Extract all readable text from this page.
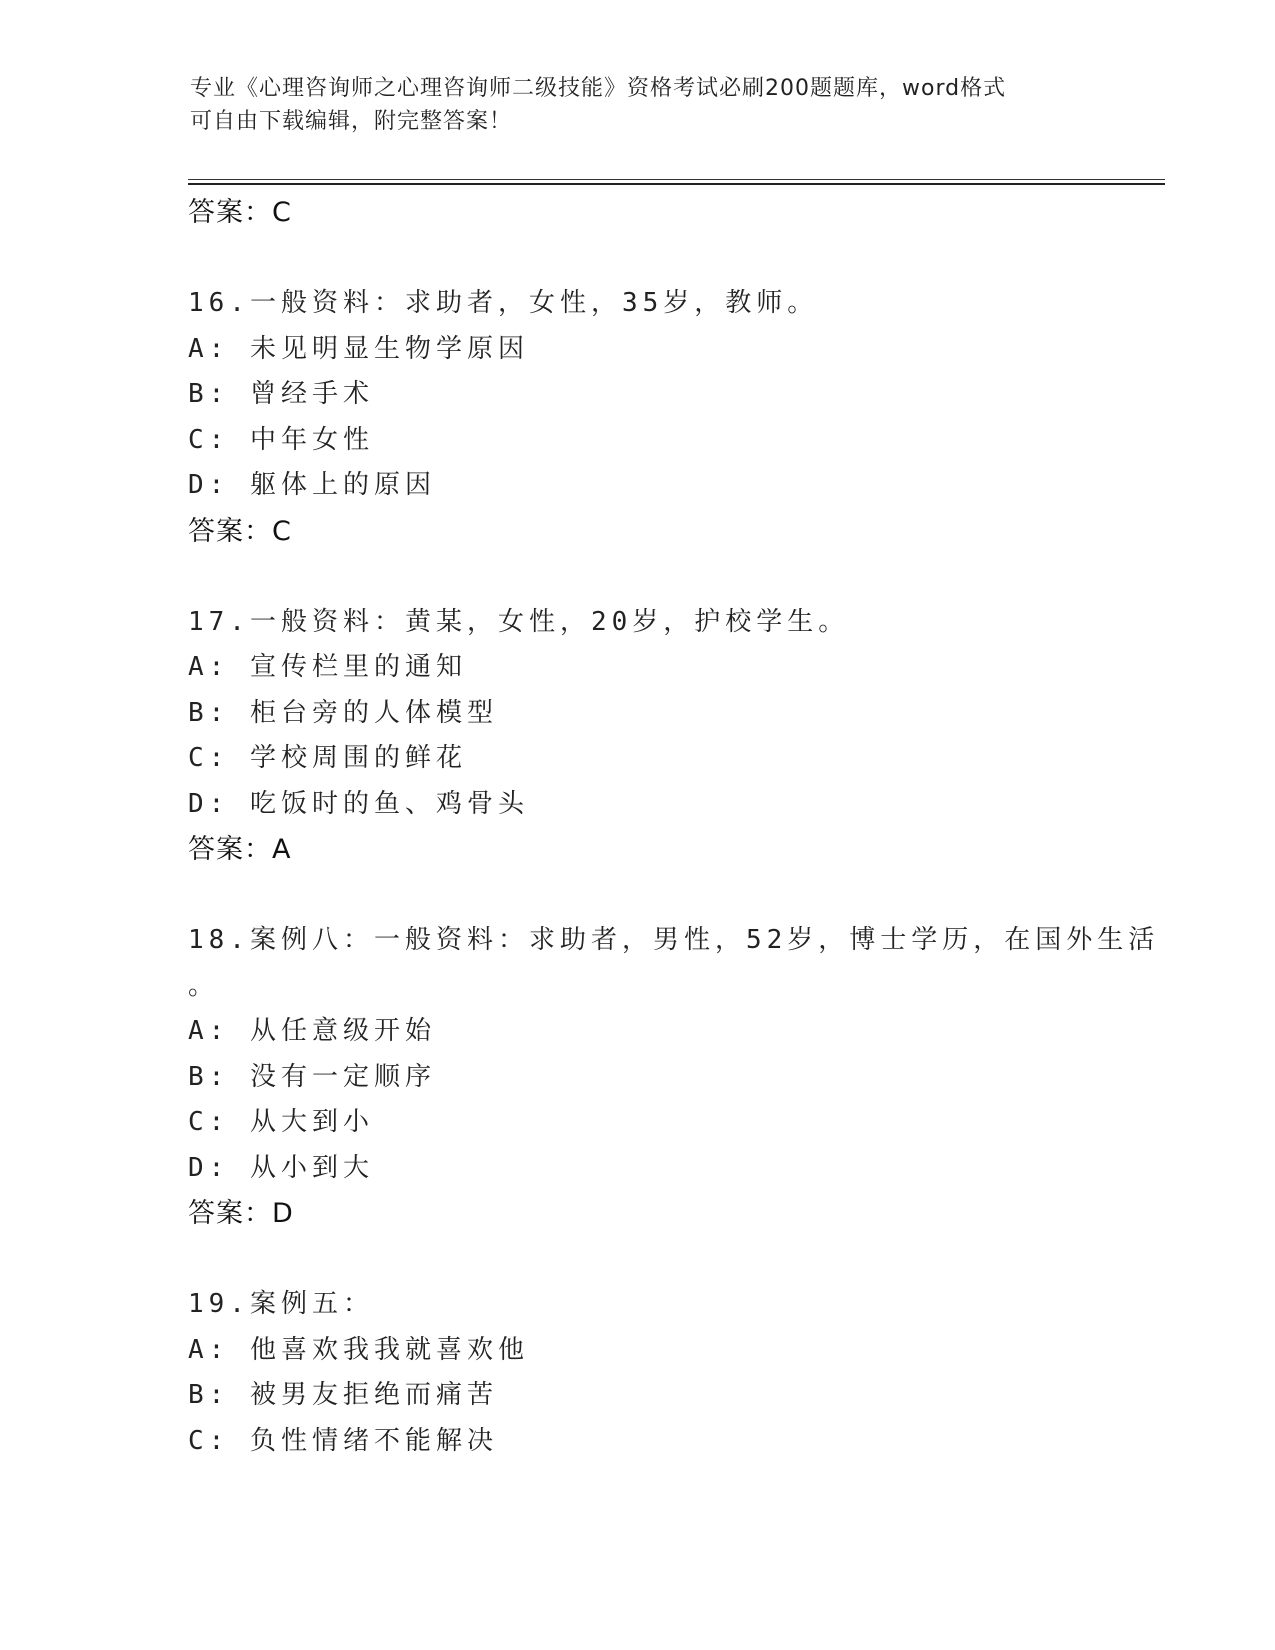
专业《心理咨询师之心理咨询师二级技能》资格考试必刷200题题库，word格式
可自由下载编辑，附完整答案！
答案：C
16.一般资料：求助者，女性，35岁，教师。
A: 未见明显生物学原因
B: 曾经手术
C: 中年女性
D: 躯体上的原因
答案：C
17.一般资料：黄某，女性，20岁，护校学生。
A: 宣传栏里的通知
B: 柜台旁的人体模型
C: 学校周围的鲜花
D: 吃饭时的鱼、鸡骨头
答案：A
18.案例八：一般资料：求助者，男性，52岁，博士学历，在国外生活
。
A: 从任意级开始
B: 没有一定顺序
C: 从大到小
D: 从小到大
答案：D
19.案例五：
A: 他喜欢我我就喜欢他
B: 被男友拒绝而痛苦
C: 负性情绪不能解决
